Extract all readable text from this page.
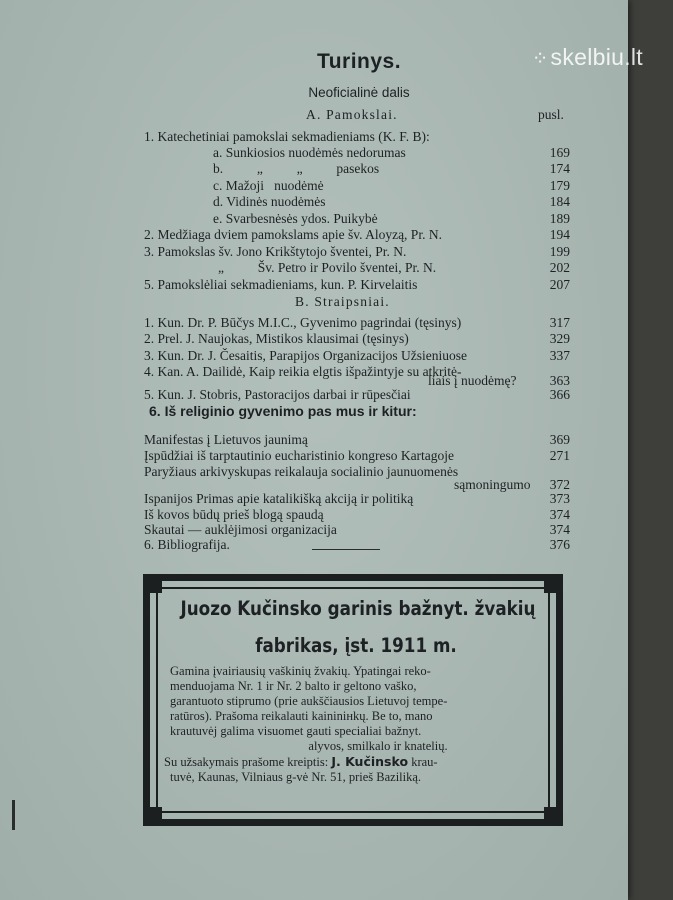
Turinys.
Neoficialinė dalis
A. Pamokslai.	pusl.
1. Katechetiniai pamokslai sekmadieniams (K. F. B):
a. Sunkiosios nuodėmės nedorumas	169
b.          „          „          pasekos	174
c. Mažoji   nuodėmė	179
d. Vidinės nuodėmės	184
e. Svarbesnėsės ydos. Puikybė	189
2. Medžiaga dviem pamokslams apie šv. Aloyzą, Pr. N.	194
3. Pamokslas šv. Jono Krikštytojo šventei, Pr. N.	199
„          Šv. Petro ir Povilo šventei, Pr. N.	202
5. Pamokslėliai sekmadieniams, kun. P. Kirvelaitis	207
B. Straipsniai.
1. Kun. Dr. P. Būčys M.I.C., Gyvenimo pagrindai (tęsinys)	317
2. Prel. J. Naujokas, Mistikos klausimai (tęsinys)	329
3. Kun. Dr. J. Česaitis, Parapijos Organizacijos Užsieniuose	337
4. Kan. A. Dailidė, Kaip reikia elgtis išpažintyje su atkritė-
liais į nuodėmę? 363
5. Kun. J. Stobris, Pastoracijos darbai ir rūpesčiai	366
6. Iš religinio gyvenimo pas mus ir kitur:
Manifestas į Lietuvos jaunimą	369
Įspūdžiai iš tarptautinio eucharistinio kongreso Kartagoje	271
Paryžiaus arkivyskupas reikalauja socialinio jaunuomenės
sąmoningumo 372
Ispanijos Primas apie katalikišką akciją ir politiką	373
Iš kovos būdų prieš blogą spaudą	374
Skautai — auklėjimosi organizacija	374
6. Bibliografija.	376
Juozo Kučinsko garinis bažnyt. žvakių
fabrikas, įst. 1911 m.
Gamina įvairiausių vaškinių žvakių. Ypatingai reko-
menduojama Nr. 1 ir Nr. 2 balto ir geltono vaško,
garantuoto stiprumo (prie aukščiausios Lietuvoj tempe-
ratūros). Prašoma reikalauti kaininінkų. Be to, mano
krautuvėj galima visuomet gauti specialiai bažnyt.
alyvos, smilkalo ir knatelių.
Su užsakymais prašome kreiptis: J. Kučinsko krau-
tuvė, Kaunas, Vilniaus g-vė Nr. 51, prieš Baziliką.
⁘ skelbiu.lt
